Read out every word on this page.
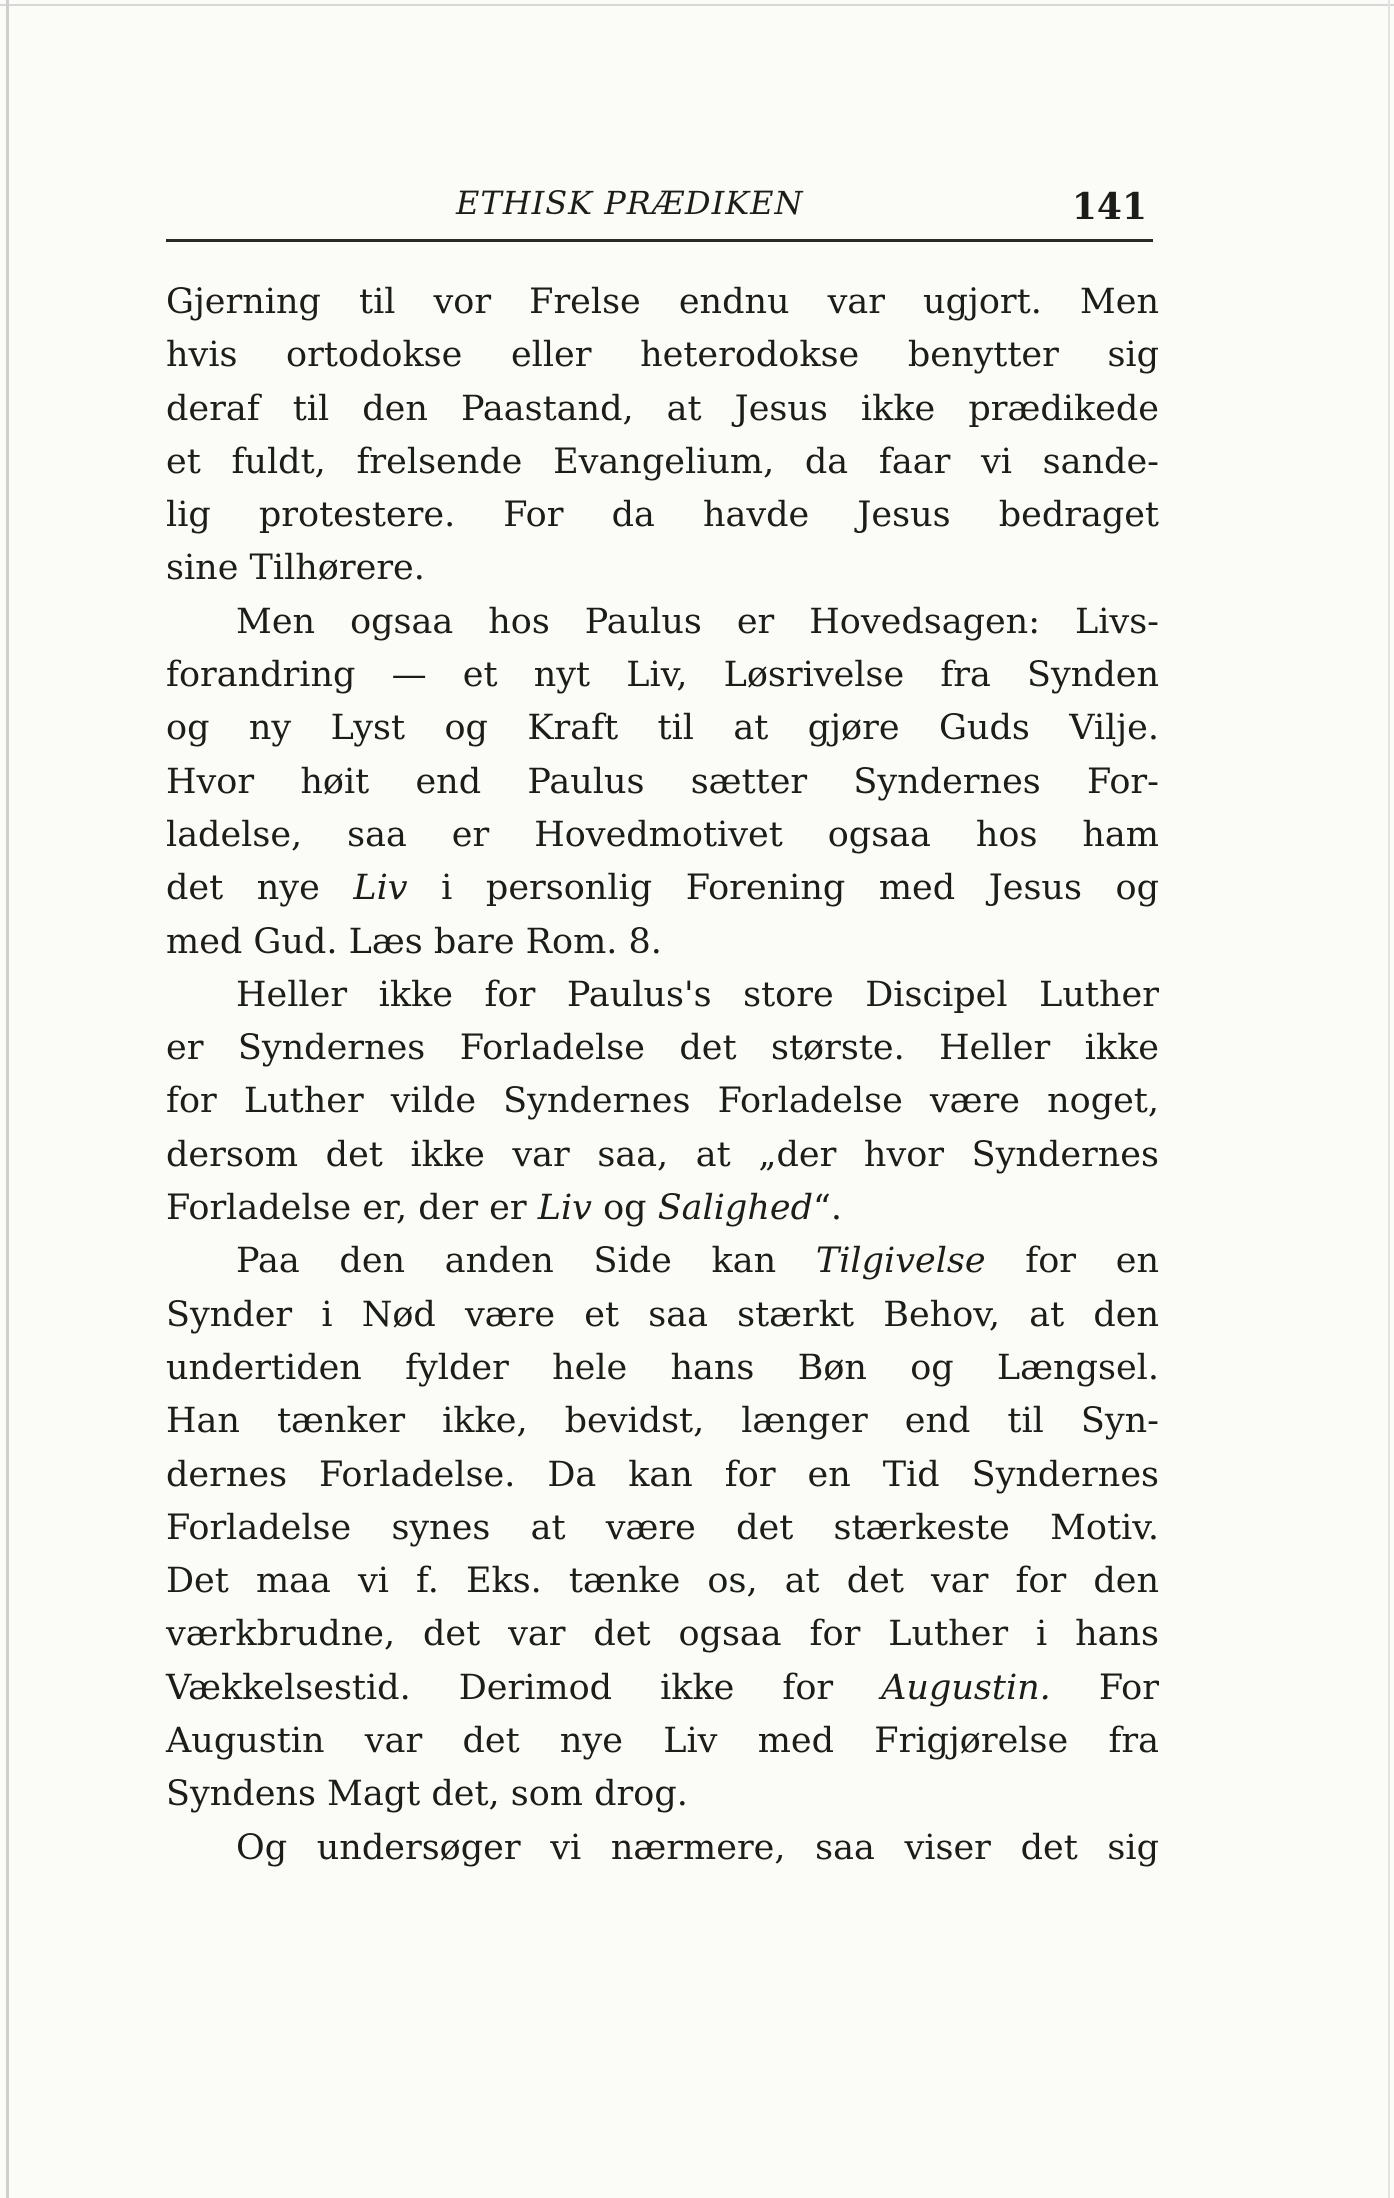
ETHISK PRÆDIKEN	141
Gjerning til vor Frelse endnu var ugjort. Men
hvis ortodokse eller heterodokse benytter sig
deraf til den Paastand, at Jesus ikke prædikede
et fuldt, frelsende Evangelium, da faar vi sande-
lig protestere. For da havde Jesus bedraget
sine Tilhørere.
Men ogsaa hos Paulus er Hovedsagen: Livs-
forandring — et nyt Liv, Løsrivelse fra Synden
og ny Lyst og Kraft til at gjøre Guds Vilje.
Hvor høit end Paulus sætter Syndernes For-
ladelse, saa er Hovedmotivet ogsaa hos ham
det nye Liv i personlig Forening med Jesus og
med Gud. Læs bare Rom. 8.
Heller ikke for Paulus's store Discipel Luther
er Syndernes Forladelse det største. Heller ikke
for Luther vilde Syndernes Forladelse være noget,
dersom det ikke var saa, at „der hvor Syndernes
Forladelse er, der er Liv og Salighed“.
Paa den anden Side kan Tilgivelse for en
Synder i Nød være et saa stærkt Behov, at den
undertiden fylder hele hans Bøn og Længsel.
Han tænker ikke, bevidst, længer end til Syn-
dernes Forladelse. Da kan for en Tid Syndernes
Forladelse synes at være det stærkeste Motiv.
Det maa vi f. Eks. tænke os, at det var for den
værkbrudne, det var det ogsaa for Luther i hans
Vækkelsestid. Derimod ikke for Augustin. For
Augustin var det nye Liv med Frigjørelse fra
Syndens Magt det, som drog.
Og undersøger vi nærmere, saa viser det sig
